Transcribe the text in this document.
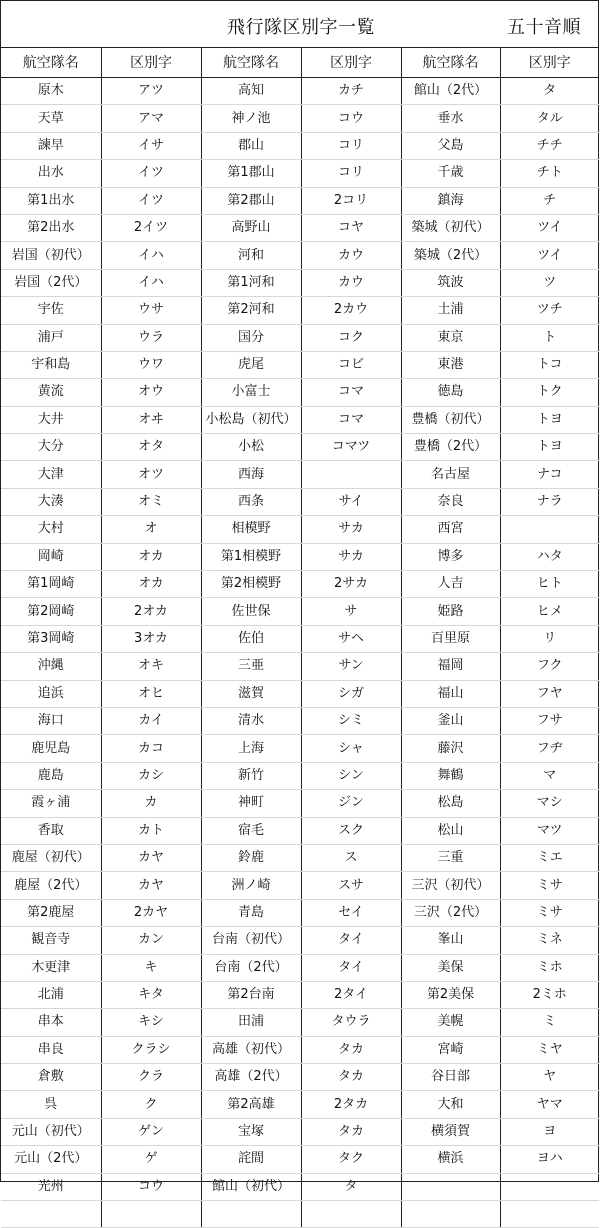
飛行隊区別字一覧	五十音順
航空隊名	区別字	航空隊名	区別字	航空隊名	区別字
原木	アツ	高知	カチ	館山（2代）	タ
天草	アマ	神ノ池	コウ	垂水	タル
諫早	イサ	郡山	コリ	父島	チチ
出水	イツ	第1郡山	コリ	千歳	チト
第1出水	イツ	第2郡山	2コリ	鎮海	チ
第2出水	2イツ	高野山	コヤ	築城（初代）	ツイ
岩国（初代）	イハ	河和	カウ	築城（2代）	ツイ
岩国（2代）	イハ	第1河和	カウ	筑波	ツ
宇佐	ウサ	第2河和	2カウ	土浦	ツチ
浦戸	ウラ	国分	コク	東京	ト
宇和島	ウワ	虎尾	コビ	東港	トコ
黄流	オウ	小富士	コマ	徳島	トク
大井	オヰ	小松島（初代）	コマ	豊橋（初代）	トヨ
大分	オタ	小松	コマツ	豊橋（2代）	トヨ
大津	オツ	西海		名古屋	ナコ
大湊	オミ	西条	サイ	奈良	ナラ
大村	オ	相模野	サカ	西宮	
岡崎	オカ	第1相模野	サカ	博多	ハタ
第1岡崎	オカ	第2相模野	2サカ	人吉	ヒト
第2岡崎	2オカ	佐世保	サ	姫路	ヒメ
第3岡崎	3オカ	佐伯	サヘ	百里原	リ
沖縄	オキ	三亜	サン	福岡	フク
追浜	オヒ	滋賀	シガ	福山	フヤ
海口	カイ	清水	シミ	釜山	フサ
鹿児島	カコ	上海	シャ	藤沢	フヂ
鹿島	カシ	新竹	シン	舞鶴	マ
霞ヶ浦	カ	神町	ジン	松島	マシ
香取	カト	宿毛	スク	松山	マツ
鹿屋（初代）	カヤ	鈴鹿	ス	三重	ミエ
鹿屋（2代）	カヤ	洲ノ崎	スサ	三沢（初代）	ミサ
第2鹿屋	2カヤ	青島	セイ	三沢（2代）	ミサ
観音寺	カン	台南（初代）	タイ	峯山	ミネ
木更津	キ	台南（2代）	タイ	美保	ミホ
北浦	キタ	第2台南	2タイ	第2美保	2ミホ
串本	キシ	田浦	タウラ	美幌	ミ
串良	クラシ	高雄（初代）	タカ	宮崎	ミヤ
倉敷	クラ	高雄（2代）	タカ	谷日部	ヤ
呉	ク	第2高雄	2タカ	大和	ヤマ
元山（初代）	ゲン	宝塚	タカ	横須賀	ヨ
元山（2代）	ゲ	詫間	タク	横浜	ヨハ
光州	コウ	館山（初代）	タ		
